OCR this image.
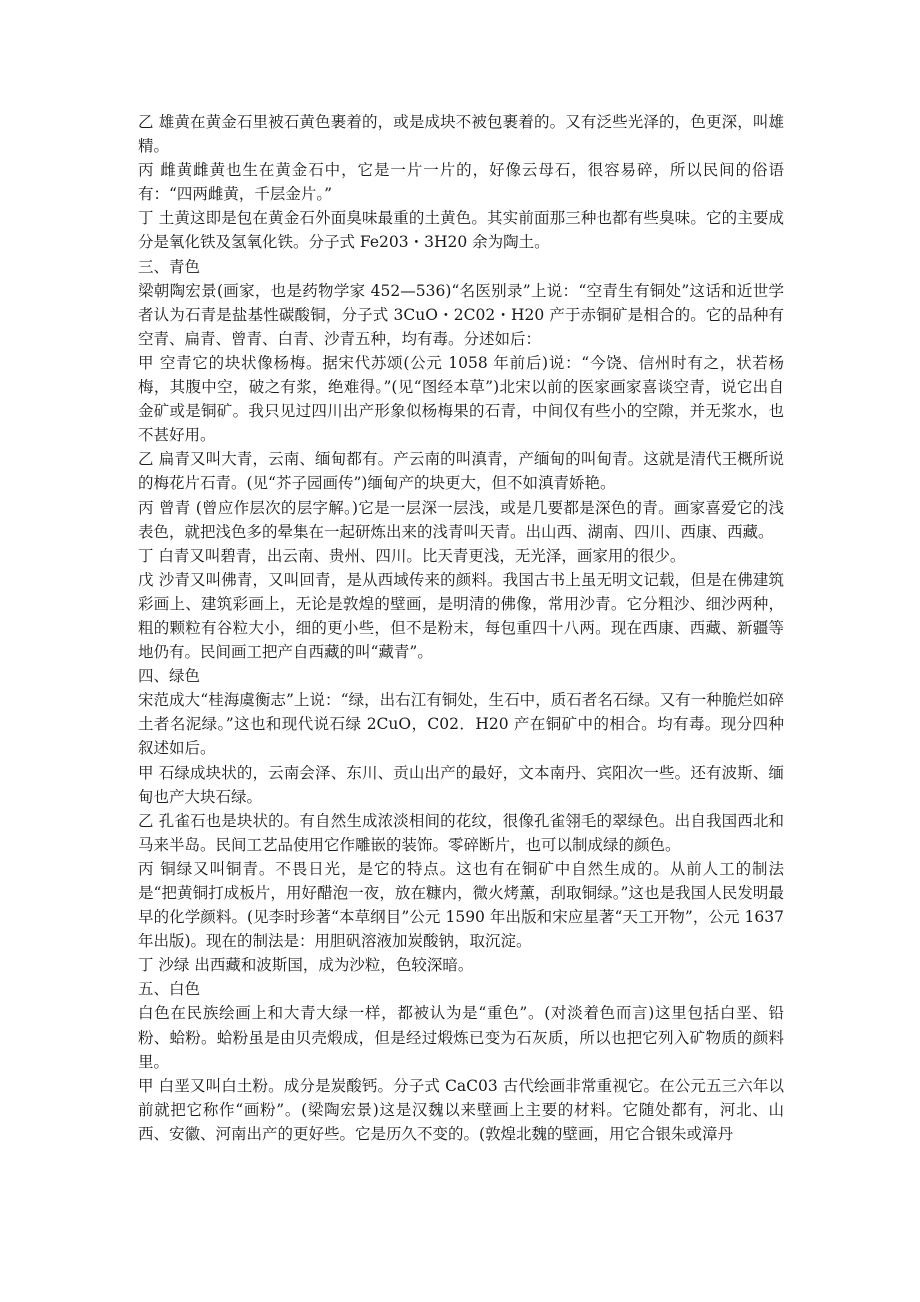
乙 雄黄在黄金石里被石黄色裹着的，或是成块不被包裹着的。又有泛些光泽的，色更深，叫雄精。

丙 雌黄雌黄也生在黄金石中，它是一片一片的，好像云母石，很容易碎，所以民间的俗语有：“四两雌黄，千层金片。”

丁 土黄这即是包在黄金石外面臭味最重的土黄色。其实前面那三种也都有些臭味。它的主要成分是氧化铁及氢氧化铁。分子式 Fe203・3H20 余为陶土。

三、青色

梁朝陶宏景(画家，也是药物学家 452—536)“名医别录”上说：“空青生有铜处”这话和近世学者认为石青是盐基性碳酸铜，分子式 3CuO・2C02・H20 产于赤铜矿是相合的。它的品种有空青、扁青、曾青、白青、沙青五种，均有毒。分述如后：

甲 空青它的块状像杨梅。据宋代苏颂(公元 1058 年前后)说：“今饶、信州时有之，状若杨梅，其腹中空，破之有浆，绝难得。”(见“图经本草”)北宋以前的医家画家喜谈空青，说它出自金矿或是铜矿。我只见过四川出产形象似杨梅果的石青，中间仅有些小的空隙，并无浆水，也不甚好用。

乙 扁青又叫大青，云南、缅甸都有。产云南的叫滇青，产缅甸的叫甸青。这就是清代王概所说的梅花片石青。(见“芥子园画传”)缅甸产的块更大，但不如滇青娇艳。

丙 曾青 (曾应作层次的层字解。)它是一层深一层浅，或是几要都是深色的青。画家喜爱它的浅表色，就把浅色多的晕集在一起研炼出来的浅青叫天青。出山西、湖南、四川、西康、西藏。

丁 白青又叫碧青，出云南、贵州、四川。比天青更浅，无光泽，画家用的很少。

戊 沙青又叫佛青，又叫回青，是从西域传来的颜料。我国古书上虽无明文记载，但是在佛建筑彩画上、建筑彩画上，无论是敦煌的壁画，是明清的佛像，常用沙青。它分粗沙、细沙两种，粗的颗粒有谷粒大小，细的更小些，但不是粉末，每包重四十八两。现在西康、西藏、新疆等地仍有。民间画工把产自西藏的叫“藏青”。

四、绿色

宋范成大“桂海虞衡志”上说：“绿，出右江有铜处，生石中，质石者名石绿。又有一种脆烂如碎土者名泥绿。”这也和现代说石绿 2CuO，C02．H20 产在铜矿中的相合。均有毒。现分四种叙述如后。

甲 石绿成块状的，云南会泽、东川、贡山出产的最好，文本南丹、宾阳次一些。还有波斯、缅甸也产大块石绿。

乙 孔雀石也是块状的。有自然生成浓淡相间的花纹，很像孔雀翎毛的翠绿色。出自我国西北和马来半岛。民间工艺品使用它作雕嵌的装饰。零碎断片，也可以制成绿的颜色。

丙 铜绿又叫铜青。不畏日光，是它的特点。这也有在铜矿中自然生成的。从前人工的制法是“把黄铜打成板片，用好醋泡一夜，放在糠内，微火烤薰，刮取铜绿。”这也是我国人民发明最早的化学颜料。(见李时珍著“本草纲目”公元 1590 年出版和宋应星著“天工开物”，公元 1637 年出版)。现在的制法是：用胆矾溶液加炭酸钠，取沉淀。

丁 沙绿 出西藏和波斯国，成为沙粒，色较深暗。

五、白色

白色在民族绘画上和大青大绿一样，都被认为是“重色”。(对淡着色而言)这里包括白垩、铅粉、蛤粉。蛤粉虽是由贝壳煅成，但是经过煅炼已变为石灰质，所以也把它列入矿物质的颜料里。

甲 白垩又叫白土粉。成分是炭酸钙。分子式 CaC03 古代绘画非常重视它。在公元五三六年以前就把它称作“画粉”。(梁陶宏景)这是汉魏以来壁画上主要的材料。它随处都有，河北、山西、安徽、河南出产的更好些。它是历久不变的。(敦煌北魏的壁画，用它合银朱或漳丹
